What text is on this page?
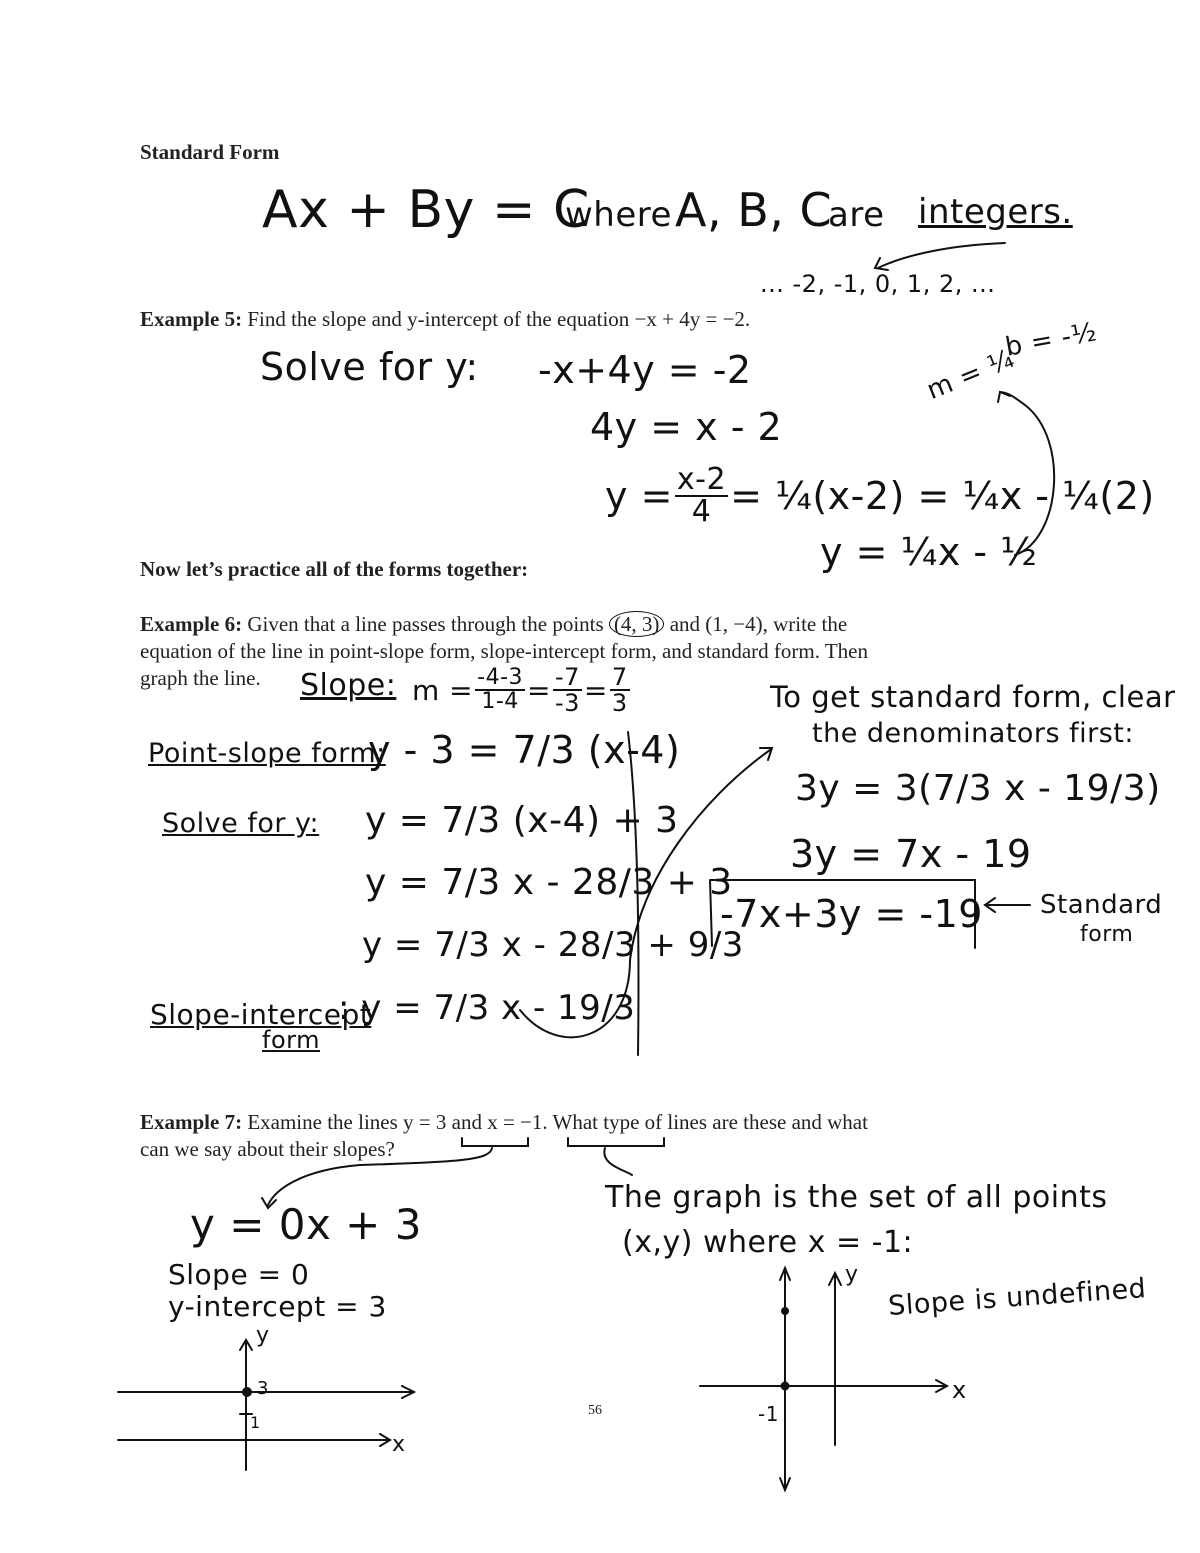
Standard Form
Ax + By = C
where A, B, C
are integers.
... -2, -1, 0, 1, 2, ...
Example 5: Find the slope and y-intercept of the equation −x + 4y = −2.
Solve for y: -x+4y = -2
4y = x - 2
$y = \frac{x-2}{4}$ = ¼(x-2) = ¼x - ¼(2)
y = ¼x - ½
m = ¼
b = -½
Now let’s practice all of the forms together:
Example 6: Given that a line passes through the points (4, 3) and (1, −4), write the
equation of the line in point-slope form, slope-intercept form, and standard form. Then
graph the line.	Slope: $m = \frac{-4-3}{1-4} = \frac{-7}{-3} = \frac{7}{3}$
Point-slope form:
y - 3 = 7/3 (x-4)
Solve for y: y = 7/3 (x-4) + 3
y = 7/3 x - 28/3 + 3
y = 7/3 x - 28/3 + 9/3
Slope-intercept
form
: y = 7/3 x - 19/3
To get standard form, clear
the denominators first:
3y = 3(7/3 x - 19/3)
3y = 7x - 19
-7x+3y = -19 Standard
form
Example 7: Examine the lines y = 3 and x = −1. What type of lines are these and what
can we say about their slopes?
y = 0x + 3
Slope = 0
y-intercept = 3
The graph is the set of all points
(x,y) where x = -1:
Slope is undefined
y
x
3
1
y
x
-1
56
